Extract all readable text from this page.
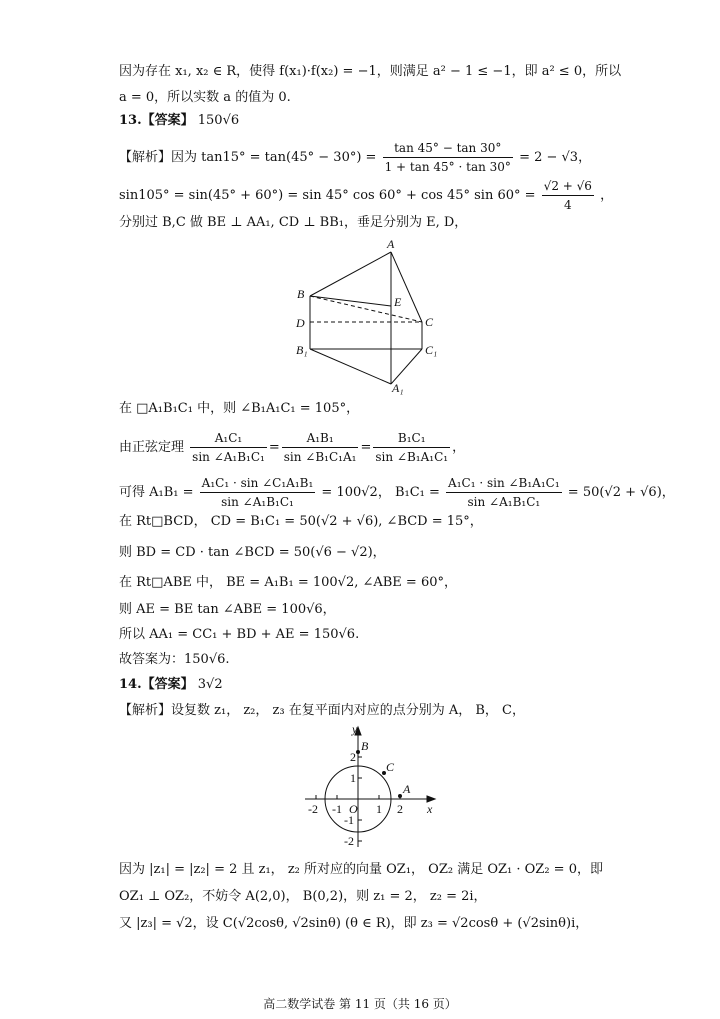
因为存在 x₁, x₂ ∈ R，使得 f(x₁)·f(x₂) = −1，则满足 a² − 1 ≤ −1，即 a² ≤ 0，所以
a = 0，所以实数 a 的值为 0.
13.【答案】 150√6
【解析】因为 $\tan 15^\circ = \tan(45^\circ - 30^\circ) = \frac{\tan 45^\circ - \tan 30^\circ}{1 + \tan 45^\circ \cdot \tan 30^\circ} = 2 - √3$，
sin105° = sin(45° + 60°) = sin 45° cos 60° + cos 45° $\sin 60^\circ = \frac{√2 + √6}{4}$ ，
分别过 B,C 做 BE ⊥ AA₁, CD ⊥ BB₁，垂足分别为 E, D，
A
B
E
D	C
B₁	C₁
A₁
在 □A₁B₁C₁ 中，则 ∠B₁A₁C₁ = 105°，
由正弦定理 $\frac{\text{A₁C₁}}{\text{sin ∠A₁B₁C₁}} = \frac{\text{A₁B₁}}{\text{sin ∠B₁C₁A₁}} = \frac{\text{B₁C₁}}{\text{sin ∠B₁A₁C₁}}$ ，
可得 $A_1B_1 = \frac{\text{A₁C₁ · sin ∠C₁A₁B₁}}{\text{sin ∠A₁B₁C₁}} = 100√2$， $B_1C_1 = \frac{\text{A₁C₁ · sin ∠B₁A₁C₁}}{\text{sin ∠A₁B₁C₁}} = 50(√2 + √6)$，
在 Rt□BCD， CD = B₁C₁ = 50(√2 + √6), ∠BCD = 15°，
则 BD = CD · tan ∠BCD = 50(√6 − √2)，
在 Rt□ABE 中， BE = A₁B₁ = 100√2, ∠ABE = 60°，
则 AE = BE tan ∠ABE = 100√6，
所以 AA₁ = CC₁ + BD + AE = 150√6.
故答案为：150√6.
14.【答案】 3√2
【解析】设复数 z₁， z₂， z₃ 在复平面内对应的点分别为 A， B， C，
y
x
O
B
C
A
-2 -1	1 2
2
1
-1
-2
因为 |z₁| = |z₂| = 2 且 z₁， z₂ 所对应的向量 OZ₁， OZ₂ 满足 OZ₁ · OZ₂ = 0，即
OZ₁ ⊥ OZ₂，不妨令 A(2,0)， B(0,2)，则 z₁ = 2， z₂ = 2i，
又 |z₃| = √2，设 C(√2cosθ, √2sinθ) (θ ∈ R)，即 z₃ = √2cosθ + (√2sinθ)i，
高二数学试卷 第 11 页（共 16 页）
